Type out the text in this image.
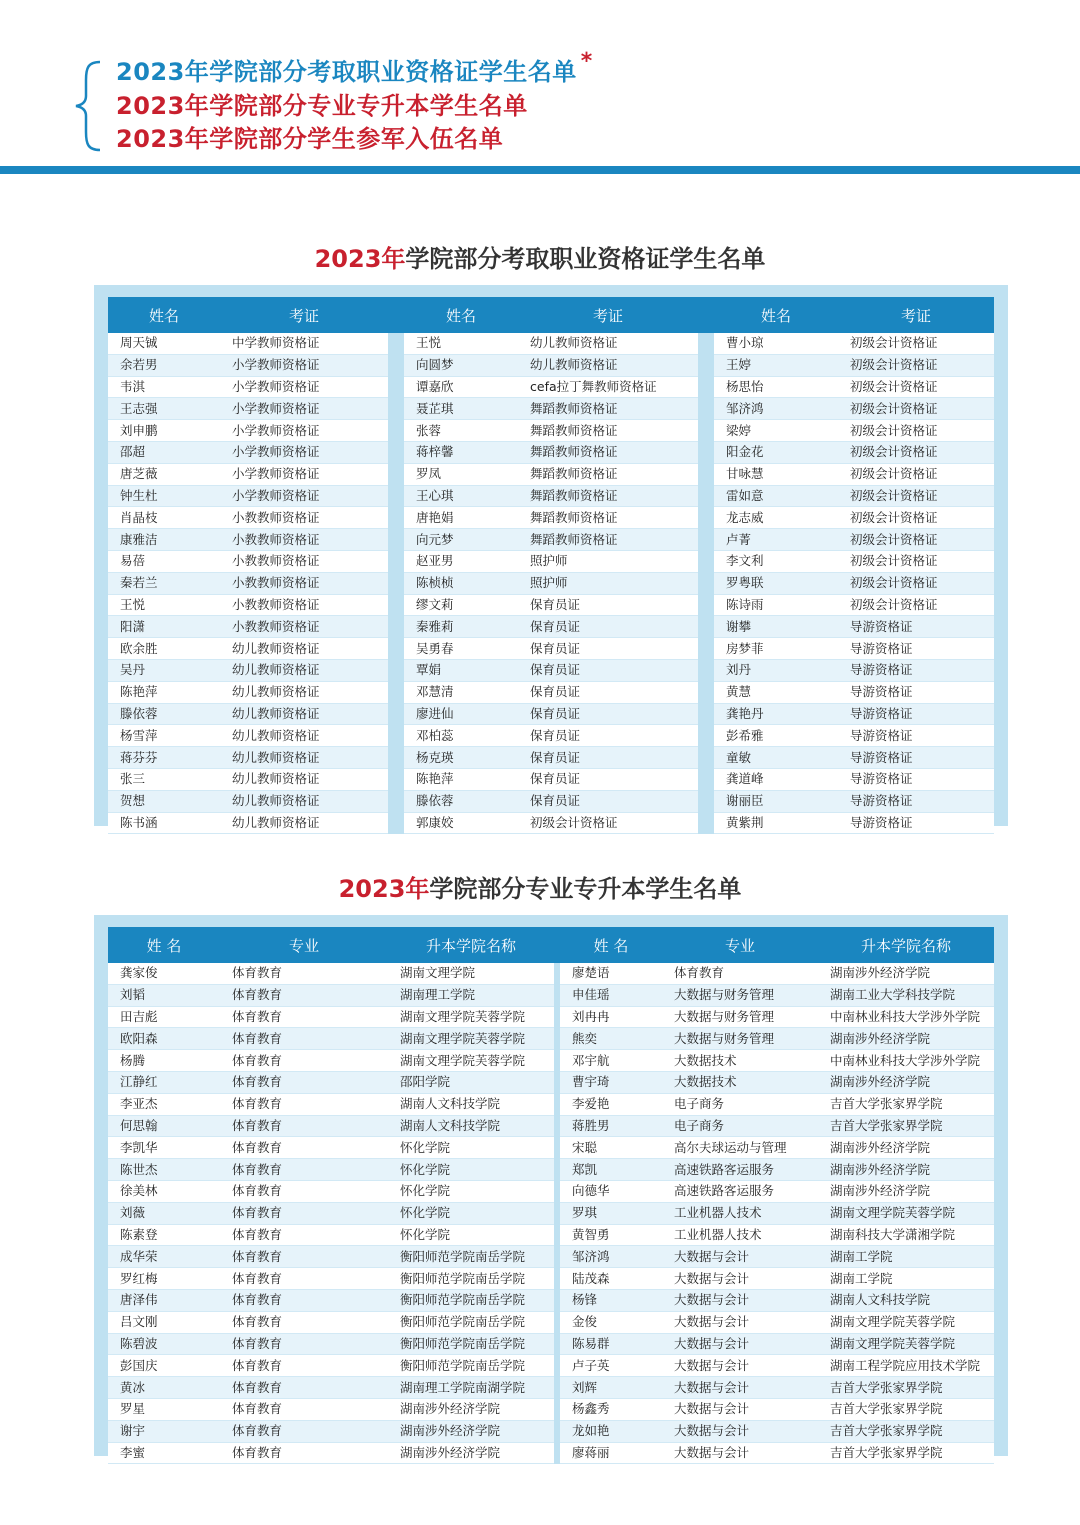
2023年学院部分考取职业资格证学生名单 *
2023年学院部分专业专升本学生名单
2023年学院部分学生参军入伍名单
2023年学院部分考取职业资格证学生名单
姓名	考证		姓名	考证		姓名	考证
周天铖	中学教师资格证		王悦	幼儿教师资格证		曹小琼	初级会计资格证
余若男	小学教师资格证		向圆梦	幼儿教师资格证		王婷	初级会计资格证
韦淇	小学教师资格证		谭嘉欣	cefa拉丁舞教师资格证		杨思怡	初级会计资格证
王志强	小学教师资格证		聂芷琪	舞蹈教师资格证		邹济鸿	初级会计资格证
刘申鹏	小学教师资格证		张蓉	舞蹈教师资格证		梁婷	初级会计资格证
邵超	小学教师资格证		蒋梓馨	舞蹈教师资格证		阳金花	初级会计资格证
唐芝薇	小学教师资格证		罗凤	舞蹈教师资格证		甘咏慧	初级会计资格证
钟生杜	小学教师资格证		王心琪	舞蹈教师资格证		雷如意	初级会计资格证
肖晶枝	小教教师资格证		唐艳娟	舞蹈教师资格证		龙志威	初级会计资格证
康雅洁	小教教师资格证		向元梦	舞蹈教师资格证		卢菁	初级会计资格证
易蓓	小教教师资格证		赵亚男	照护师		李文利	初级会计资格证
秦若兰	小教教师资格证		陈桢桢	照护师		罗粤联	初级会计资格证
王悦	小教教师资格证		缪文莉	保育员证		陈诗雨	初级会计资格证
阳潇	小教教师资格证		秦雅莉	保育员证		谢攀	导游资格证
欧余胜	幼儿教师资格证		吴勇春	保育员证		房梦菲	导游资格证
吴丹	幼儿教师资格证		覃娟	保育员证		刘丹	导游资格证
陈艳萍	幼儿教师资格证		邓慧清	保育员证		黄慧	导游资格证
滕依蓉	幼儿教师资格证		廖进仙	保育员证		龚艳丹	导游资格证
杨雪萍	幼儿教师资格证		邓柏蕊	保育员证		彭希雅	导游资格证
蒋芬芬	幼儿教师资格证		杨克瑛	保育员证		童敏	导游资格证
张三	幼儿教师资格证		陈艳萍	保育员证		龚道峰	导游资格证
贺想	幼儿教师资格证		滕依蓉	保育员证		谢丽臣	导游资格证
陈书涵	幼儿教师资格证		郭康姣	初级会计资格证		黄紫荆	导游资格证
2023年学院部分专业专升本学生名单
姓 名	专业	升本学院名称		姓 名	专业	升本学院名称
龚家俊	体育教育	湖南文理学院		廖楚语	体育教育	湖南涉外经济学院
刘韬	体育教育	湖南理工学院		申佳瑶	大数据与财务管理	湖南工业大学科技学院
田吉彪	体育教育	湖南文理学院芙蓉学院		刘冉冉	大数据与财务管理	中南林业科技大学涉外学院
欧阳森	体育教育	湖南文理学院芙蓉学院		熊奕	大数据与财务管理	湖南涉外经济学院
杨腾	体育教育	湖南文理学院芙蓉学院		邓宇航	大数据技术	中南林业科技大学涉外学院
江静红	体育教育	邵阳学院		曹宇琦	大数据技术	湖南涉外经济学院
李亚杰	体育教育	湖南人文科技学院		李爱艳	电子商务	吉首大学张家界学院
何思翰	体育教育	湖南人文科技学院		蒋胜男	电子商务	吉首大学张家界学院
李凯华	体育教育	怀化学院		宋聪	高尔夫球运动与管理	湖南涉外经济学院
陈世杰	体育教育	怀化学院		郑凯	高速铁路客运服务	湖南涉外经济学院
徐美林	体育教育	怀化学院		向德华	高速铁路客运服务	湖南涉外经济学院
刘薇	体育教育	怀化学院		罗琪	工业机器人技术	湖南文理学院芙蓉学院
陈素登	体育教育	怀化学院		黄智勇	工业机器人技术	湖南科技大学潇湘学院
成华荣	体育教育	衡阳师范学院南岳学院		邹济鸿	大数据与会计	湖南工学院
罗红梅	体育教育	衡阳师范学院南岳学院		陆茂森	大数据与会计	湖南工学院
唐泽伟	体育教育	衡阳师范学院南岳学院		杨锋	大数据与会计	湖南人文科技学院
吕文刚	体育教育	衡阳师范学院南岳学院		金俊	大数据与会计	湖南文理学院芙蓉学院
陈碧波	体育教育	衡阳师范学院南岳学院		陈易群	大数据与会计	湖南文理学院芙蓉学院
彭国庆	体育教育	衡阳师范学院南岳学院		卢子英	大数据与会计	湖南工程学院应用技术学院
黄冰	体育教育	湖南理工学院南湖学院		刘辉	大数据与会计	吉首大学张家界学院
罗星	体育教育	湖南涉外经济学院		杨鑫秀	大数据与会计	吉首大学张家界学院
谢宇	体育教育	湖南涉外经济学院		龙如艳	大数据与会计	吉首大学张家界学院
李蜜	体育教育	湖南涉外经济学院		廖蒋丽	大数据与会计	吉首大学张家界学院
